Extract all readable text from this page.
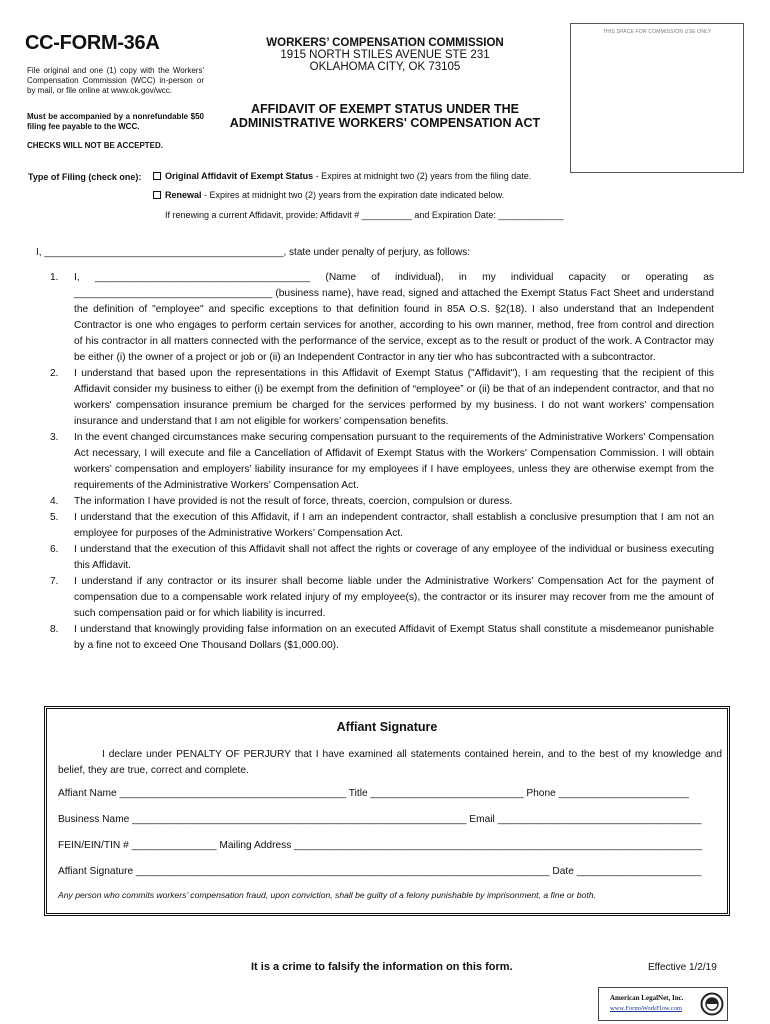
CC-FORM-36A
File original and one (1) copy with the Workers' Compensation Commission (WCC) in-person or by mail, or file online at www.ok.gov/wcc.
Must be accompanied by a nonrefundable $50 filing fee payable to the WCC.
CHECKS WILL NOT BE ACCEPTED.
WORKERS’ COMPENSATION COMMISSION
1915 NORTH STILES AVENUE STE 231
OKLAHOMA CITY, OK 73105
AFFIDAVIT OF EXEMPT STATUS UNDER THE
ADMINISTRATIVE WORKERS' COMPENSATION ACT
THIS SPACE FOR COMMISSION USE ONLY
Type of Filing (check one):	Original Affidavit of Exempt Status - Expires at midnight two (2) years from the filing date.
Renewal - Expires at midnight two (2) years from the expiration date indicated below.
If renewing a current Affidavit, provide: Affidavit # __________ and Expiration Date: _____________
I, ___________________________________________, state under penalty of perjury, as follows:
1. I, ______________________________________ (Name of individual), in my individual capacity or operating as ___________________________________ (business name), have read, signed and attached the Exempt Status Fact Sheet and understand the definition of "employee" and specific exceptions to that definition found in 85A O.S. §2(18). I also understand that an Independent Contractor is one who engages to perform certain services for another, according to his own manner, method, free from control and direction of his contractor in all matters connected with the performance of the service, except as to the result or product of the work. A Contractor may be either (i) the owner of a project or job or (ii) an Independent Contractor in any tier who has subcontracted with a subcontractor.
2. I understand that based upon the representations in this Affidavit of Exempt Status ("Affidavit"), I am requesting that the recipient of this Affidavit consider my business to either (i) be exempt from the definition of “employee” or (ii) be that of an independent contractor, and that no workers' compensation insurance premium be charged for the services performed by my business. I do not want workers’ compensation insurance and understand that I am not eligible for workers’ compensation benefits.
3. In the event changed circumstances make securing compensation pursuant to the requirements of the Administrative Workers' Compensation Act necessary, I will execute and file a Cancellation of Affidavit of Exempt Status with the Workers' Compensation Commission. I will obtain workers’ compensation and employers’ liability insurance for my employees if I have employees, unless they are otherwise exempt from the requirements of the Administrative Workers’ Compensation Act.
4. The information I have provided is not the result of force, threats, coercion, compulsion or duress.
5. I understand that the execution of this Affidavit, if I am an independent contractor, shall establish a conclusive presumption that I am not an employee for purposes of the Administrative Workers’ Compensation Act.
6. I understand that the execution of this Affidavit shall not affect the rights or coverage of any employee of the individual or business executing this Affidavit.
7. I understand if any contractor or its insurer shall become liable under the Administrative Workers’ Compensation Act for the payment of compensation due to a compensable work related injury of my employee(s), the contractor or its insurer may recover from me the amount of such compensation paid or for which liability is incurred.
8. I understand that knowingly providing false information on an executed Affidavit of Exempt Status shall constitute a misdemeanor punishable by a fine not to exceed One Thousand Dollars ($1,000.00).
Affiant Signature
I declare under PENALTY OF PERJURY that I have examined all statements contained herein, and to the best of my knowledge and belief, they are true, correct and complete.
Affiant Name ________________________________________ Title ___________________________ Phone _______________________
Business Name ___________________________________________________________ Email ____________________________________
FEIN/EIN/TIN # _______________ Mailing Address ________________________________________________________________________
Affiant Signature _________________________________________________________________________ Date ______________________
Any person who commits workers’ compensation fraud, upon conviction, shall be guilty of a felony punishable by imprisonment, a fine or both.
It is a crime to falsify the information on this form.	Effective 1/2/19
American LegalNet, Inc.
www.FormsWorkFlow.com
